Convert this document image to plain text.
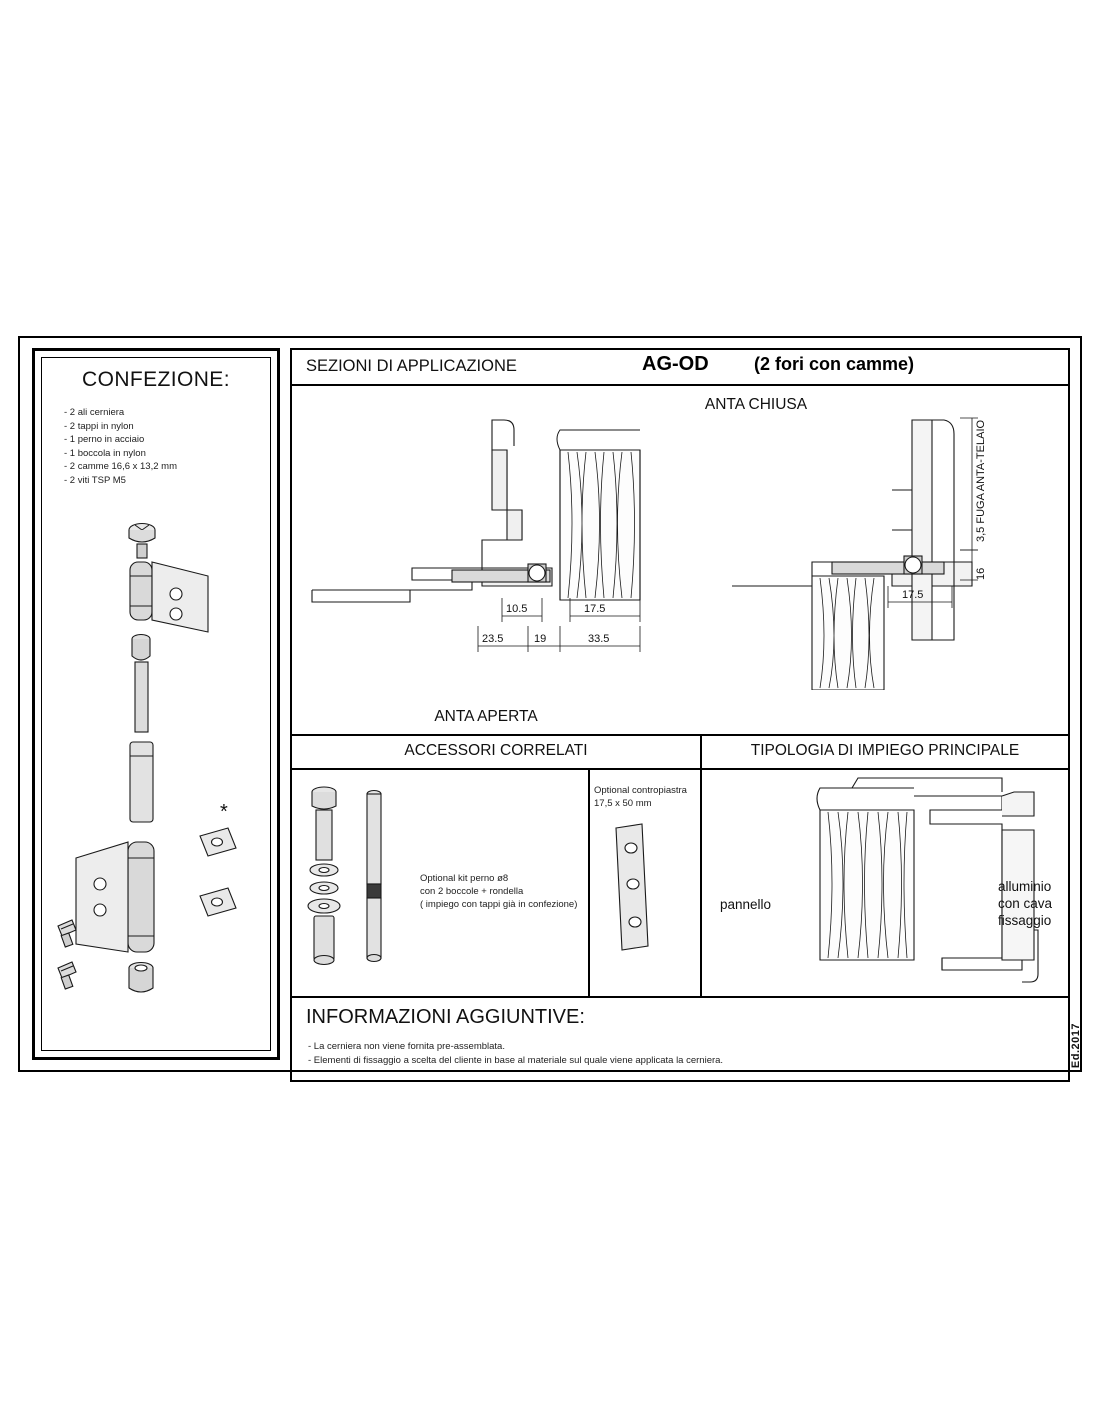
CONFEZIONE:
- 2 ali cerniera
- 2 tappi in nylon
- 1 perno in acciaio
- 1 boccola in nylon
- 2 camme 16,6 x 13,2 mm
- 2 viti TSP M5
*
SEZIONI DI APPLICAZIONE	AG-OD	(2 fori con camme)
10.5	17.5
23.5	19	33.5
17.5
3,5 FUGA ANTA-TELAIO
16
ANTA APERTA
ANTA CHIUSA
ACCESSORI CORRELATI
Optional kit perno ø8
con 2 boccole + rondella
( impiego con tappi già in confezione)
Optional contropiastra
17,5 x 50 mm
TIPOLOGIA DI IMPIEGO PRINCIPALE
pannello
alluminio
con cava
fissaggio
INFORMAZIONI AGGIUNTIVE:
- La cerniera non viene fornita pre-assemblata.
- Elementi di fissaggio a scelta del cliente in base al materiale sul quale viene applicata la cerniera.	Ed.2017
